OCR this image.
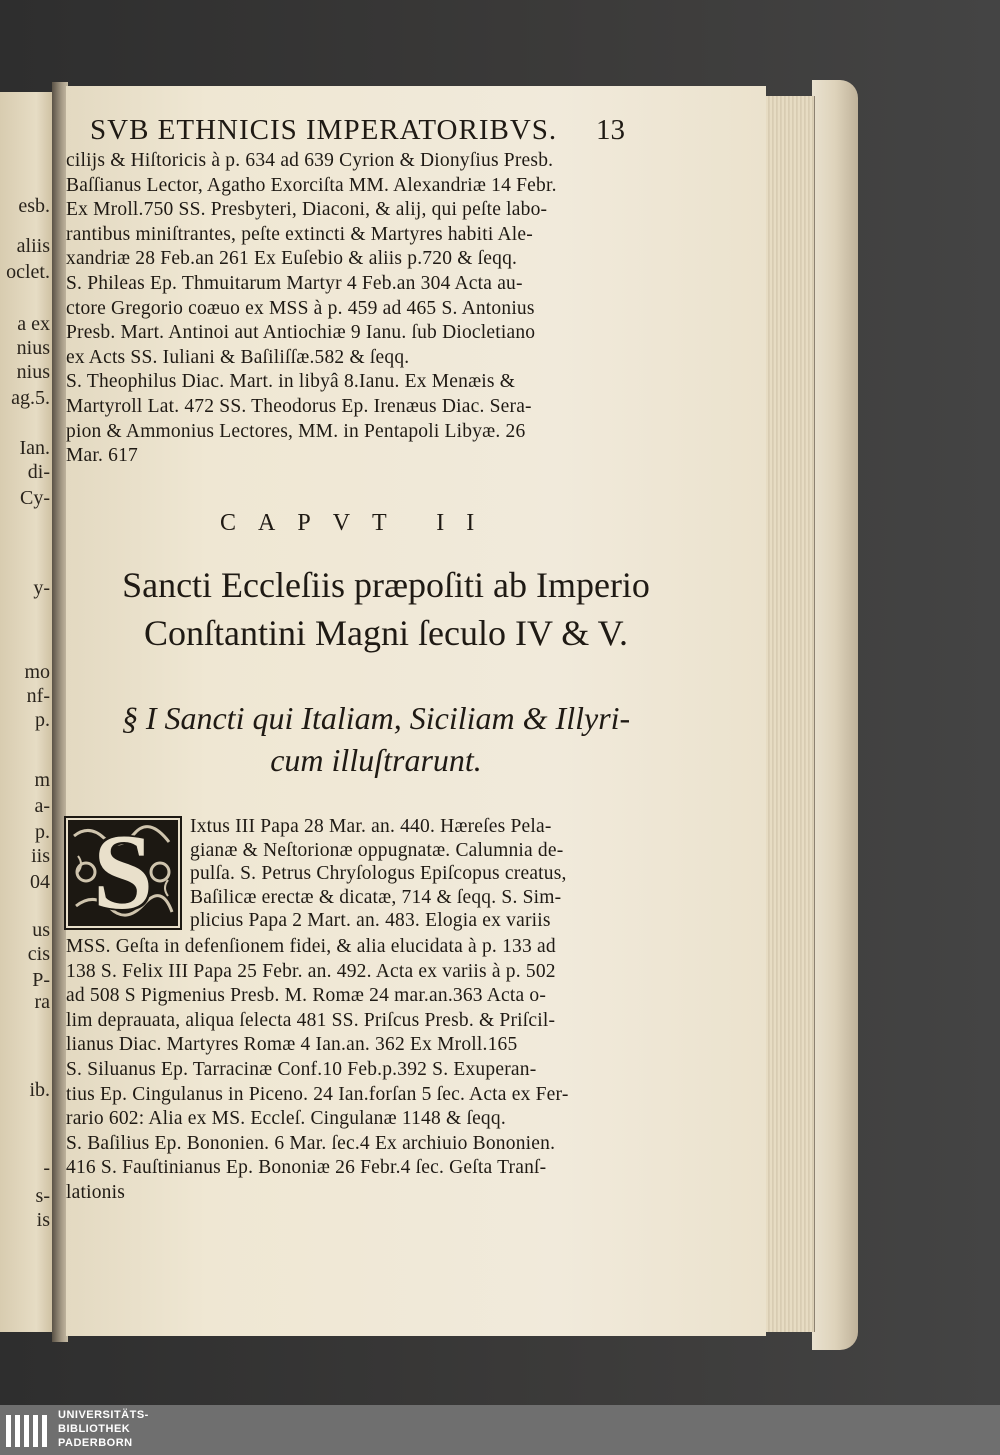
esb.
aliis
oclet.
a ex
nius
nius
ag.5.
Ian.
di-
Cy-
y-
mo
nf-
p.
m
a-
p.
iis
04
us
cis
P-
ra
ib.
-
s-
is
SVB ETHNICIS IMPERATORIBVS.	13
cilijs & Hiſtoricis à p. 634 ad 639 Cyrion & Dionyſius Presb.
Baſſianus Lector, Agatho Exorciſta MM. Alexandriæ 14 Febr.
Ex Mroll.750 SS. Presbyteri, Diaconi, & alij, qui peſte labo-
rantibus miniſtrantes, peſte extincti & Martyres habiti Ale-
xandriæ 28 Feb.an 261 Ex Euſebio & aliis p.720 & ſeqq.
S. Phileas Ep. Thmuitarum Martyr 4 Feb.an 304 Acta au-
ctore Gregorio coæuo ex MSS à p. 459 ad 465 S. Antonius
Presb. Mart. Antinoi aut Antiochiæ 9 Ianu. ſub Diocletiano
ex Acts SS. Iuliani & Baſiliſſæ.582 & ſeqq.
S. Theophilus Diac. Mart. in libyâ 8.Ianu. Ex Menæis &
Martyroll Lat. 472 SS. Theodorus Ep. Irenæus Diac. Sera-
pion & Ammonius Lectores, MM. in Pentapoli Libyæ. 26
Mar. 617
CAPVT II
Sancti Eccleſiis præpoſiti ab Imperio
Conſtantini Magni ſeculo IV & V.
§ I Sancti qui Italiam, Siciliam & Illyri-
cum illuſtrarunt.
S Ixtus III Papa 28 Mar. an. 440. Hæreſes Pela-
gianæ & Neſtorionæ oppugnatæ. Calumnia de-
pulſa. S. Petrus Chryſologus Epiſcopus creatus,
Baſilicæ erectæ & dicatæ, 714 & ſeqq. S. Sim-
plicius Papa 2 Mart. an. 483. Elogia ex variis
MSS. Geſta in defenſionem fidei, & alia elucidata à p. 133 ad
138 S. Felix III Papa 25 Febr. an. 492. Acta ex variis à p. 502
ad 508 S Pigmenius Presb. M. Romæ 24 mar.an.363 Acta o-
lim deprauata, aliqua ſelecta 481 SS. Priſcus Presb. & Priſcil-
lianus Diac. Martyres Romæ 4 Ian.an. 362 Ex Mroll.165
S. Siluanus Ep. Tarracinæ Conf.10 Feb.p.392 S. Exuperan-
tius Ep. Cingulanus in Piceno. 24 Ian.forſan 5 ſec. Acta ex Fer-
rario 602: Alia ex MS. Eccleſ. Cingulanæ 1148 & ſeqq.
S. Baſilius Ep. Bononien. 6 Mar. ſec.4 Ex archiuio Bononien.
416 S. Fauſtinianus Ep. Bononiæ 26 Febr.4 ſec. Geſta Tranſ-
lationis
UNIVERSITÄTS-
BIBLIOTHEK
PADERBORN
